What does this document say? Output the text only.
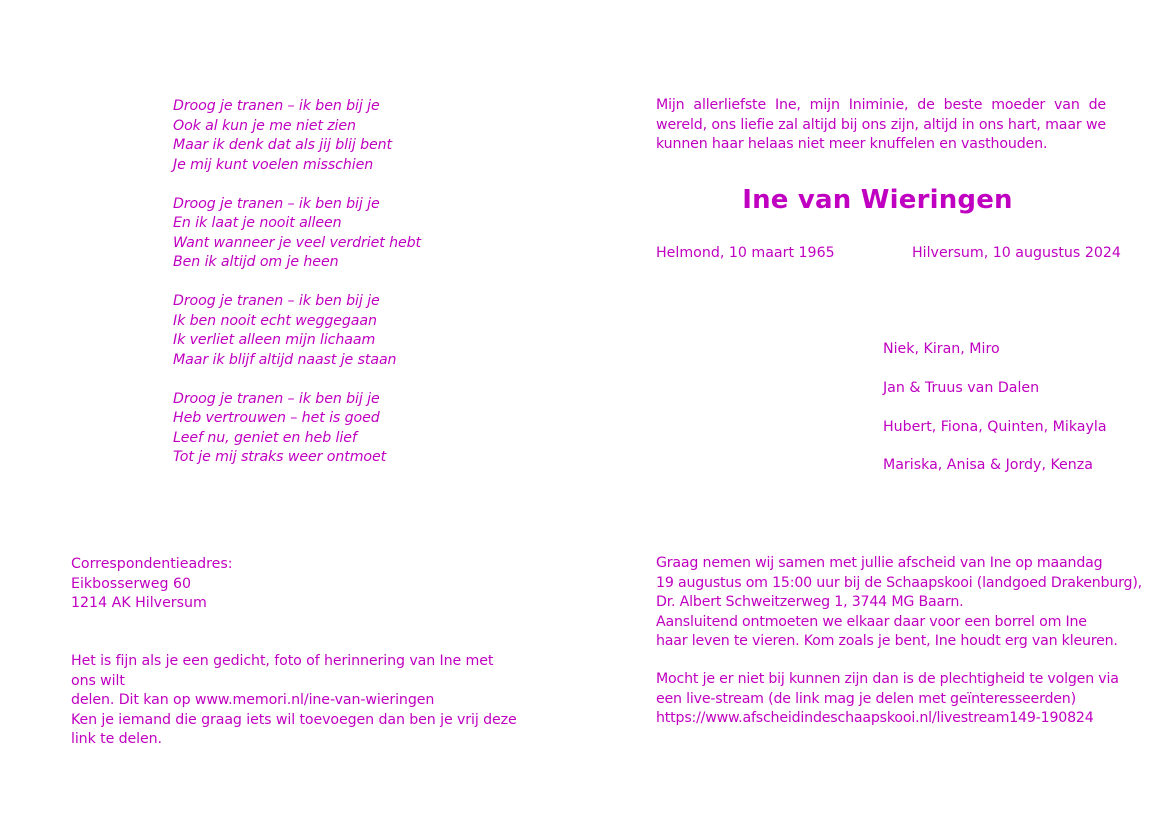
Droog je tranen – ik ben bij je
Ook al kun je me niet zien
Maar ik denk dat als jij blij bent
Je mij kunt voelen misschien
Droog je tranen – ik ben bij je
En ik laat je nooit alleen
Want wanneer je veel verdriet hebt
Ben ik altijd om je heen
Droog je tranen – ik ben bij je
Ik ben nooit echt weggegaan
Ik verliet alleen mijn lichaam
Maar ik blijf altijd naast je staan
Droog je tranen – ik ben bij je
Heb vertrouwen – het is goed
Leef nu, geniet en heb lief
Tot je mij straks weer ontmoet
Mijn allerliefste Ine, mijn Iniminie, de beste moeder van de wereld, ons liefie zal altijd bij ons zijn, altijd in ons hart, maar we kunnen haar helaas niet meer knuffelen en vasthouden.
Ine van Wieringen
Helmond, 10 maart 1965	Hilversum, 10 augustus 2024
Niek, Kiran, Miro
Jan & Truus van Dalen
Hubert, Fiona, Quinten, Mikayla
Mariska, Anisa & Jordy, Kenza
Correspondentieadres:
Eikbosserweg 60
1214 AK Hilversum
Het is fijn als je een gedicht, foto of herinnering van Ine met ons wilt
delen. Dit kan op www.memori.nl/ine-van-wieringen
Ken je iemand die graag iets wil toevoegen dan ben je vrij deze
link te delen.
Graag nemen wij samen met jullie afscheid van Ine op maandag
19 augustus om 15:00 uur bij de Schaapskooi (landgoed Drakenburg),
Dr. Albert Schweitzerweg 1, 3744 MG Baarn.
Aansluitend ontmoeten we elkaar daar voor een borrel om Ine
haar leven te vieren. Kom zoals je bent, Ine houdt erg van kleuren.
Mocht je er niet bij kunnen zijn dan is de plechtigheid te volgen via
een live-stream (de link mag je delen met geïnteresseerden)
https://www.afscheidindeschaapskooi.nl/livestream149-190824
